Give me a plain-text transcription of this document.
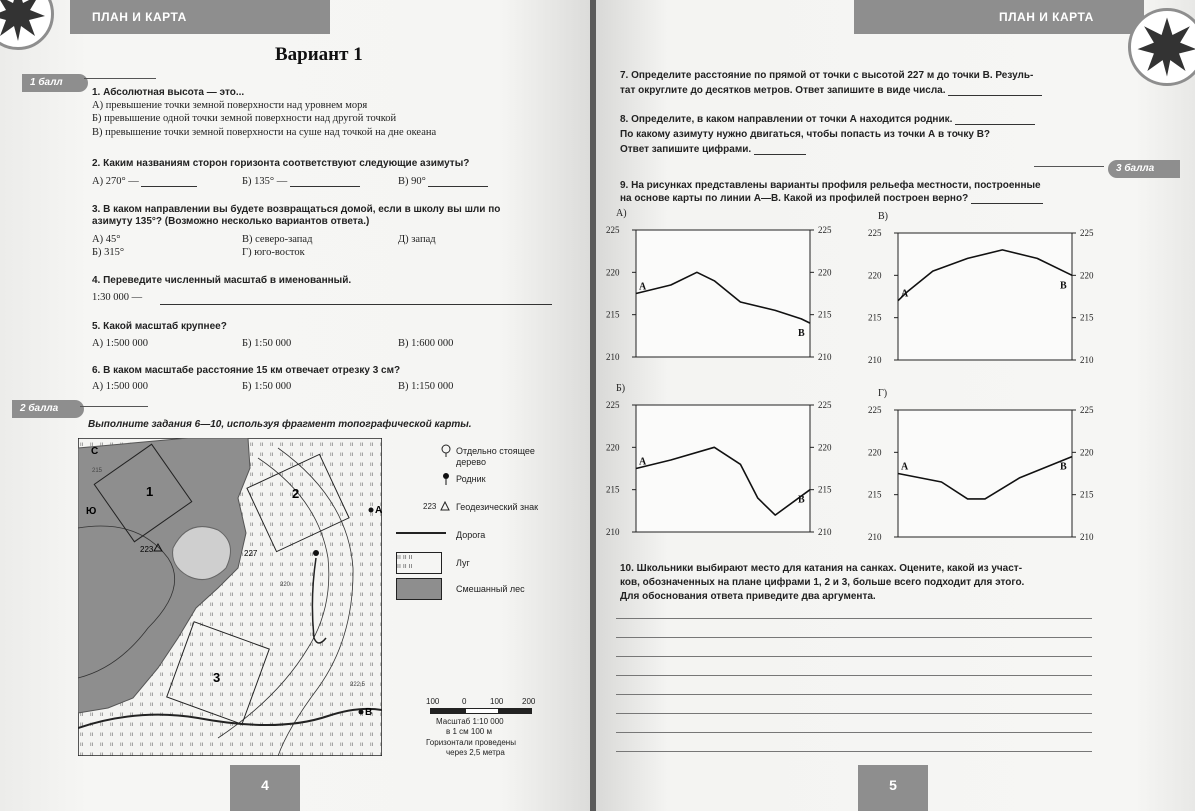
ПЛАН И КАРТА
Вариант 1
1 балл
1. Абсолютная высота — это...
А) превышение точки земной поверхности над уровнем моря
Б) превышение одной точки земной поверхности над другой точкой
В) превышение точки земной поверхности на суше над точкой на дне океана
2. Каким названиям сторон горизонта соответствуют следующие азимуты?
А) 270° —	Б) 135° —	В) 90°
3. В каком направлении вы будете возвращаться домой, если в школу вы шли по
азимуту 135°? (Возможно несколько вариантов ответа.)
А) 45°
Б) 315°
В) северо-запад
Г) юго-восток
Д) запад
4. Переведите численный масштаб в именованный.
1:30 000 —
5. Какой масштаб крупнее?
А) 1:500 000	Б) 1:50 000	В) 1:600 000
6. В каком масштабе расстояние 15 км отвечает отрезку 3 см?
А) 1:500 000	Б) 1:50 000	В) 1:150 000
2 балла
Выполните задания 6—10, используя фрагмент топографической карты.
С
Ю
1	2
3
А
В
223	227
215
220
222,5
Отдельно стоящее дерево
Родник
223 Геодезический знак
Дорога
ıı ıı ıı
ıı ıı ıı	Луг
Смешанный лес
100	0	100 200
Масштаб 1:10 000
в 1 см 100 м
Горизонтали проведены
через 2,5 метра
4
ПЛАН И КАРТА
7. Определите расстояние по прямой от точки с высотой 227 м до точки В. Резуль-
тат округлите до десятков метров. Ответ запишите в виде числа.
8. Определите, в каком направлении от точки А находится родник.
По какому азимуту нужно двигаться, чтобы попасть из точки А в точку В?
Ответ запишите цифрами.
3 балла
9. На рисунках представлены варианты профиля рельефа местности, построенные
на основе карты по линии А—В. Какой из профилей построен верно?
А)
225	225
220	220
215	215
210	210
А
В
В)
225	225
220	220
215	215
210	210
А
В
Б)
225	225
220	220
215	215
210	210
А
В
Г)
225	225
220	220
215	215
210	210
А	В
10. Школьники выбирают место для катания на санках. Оцените, какой из участ-
ков, обозначенных на плане цифрами 1, 2 и 3, больше всего подходит для этого.
Для обоснования ответа приведите два аргумента.
5
